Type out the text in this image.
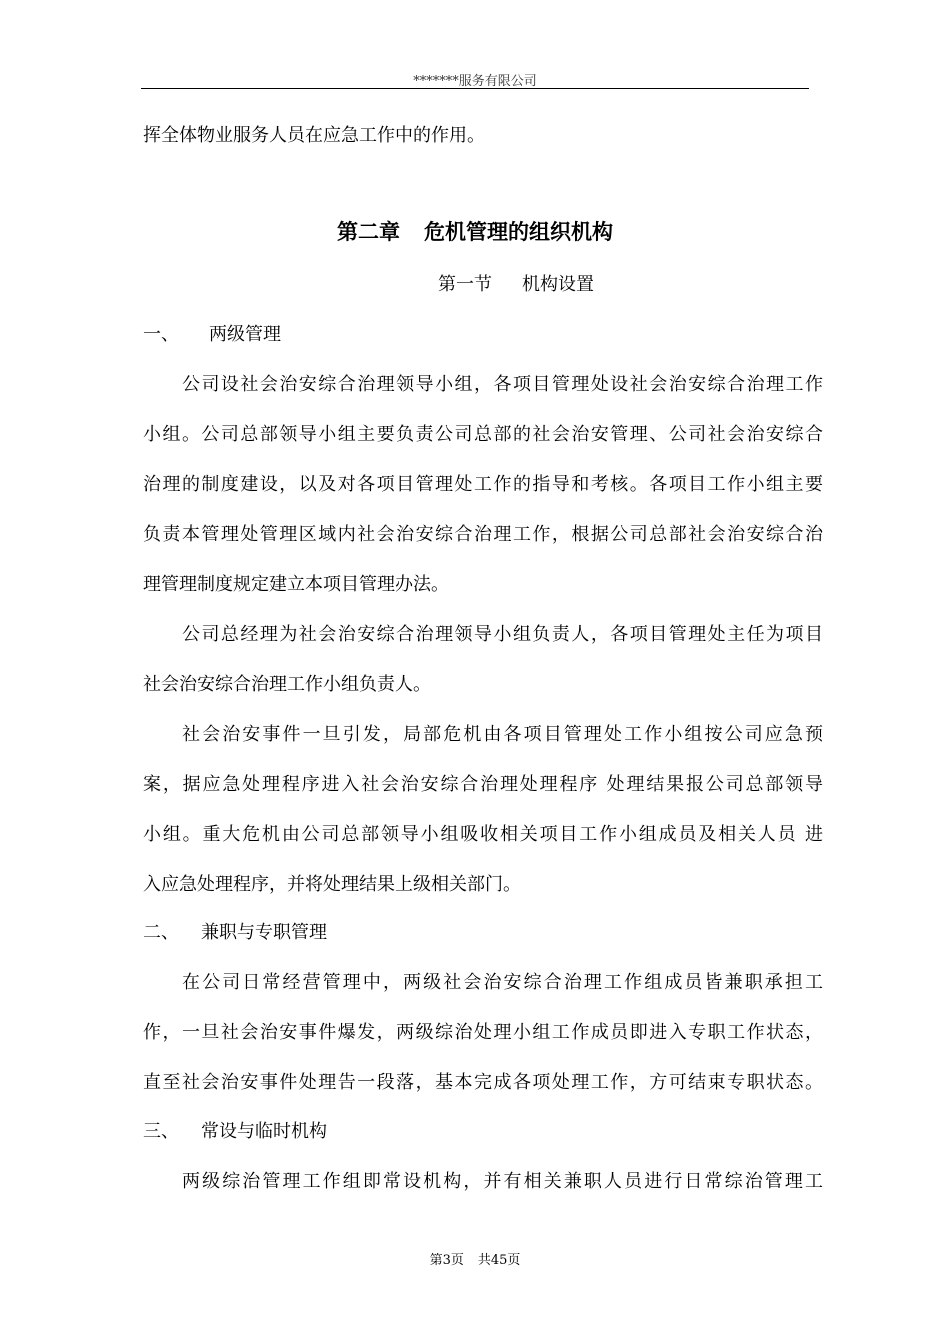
*******服务有限公司
挥全体物业服务人员在应急工作中的作用。
第二章 危机管理的组织机构
第一节 机构设置
一、 两级管理
公司设社会治安综合治理领导小组，各项目管理处设社会治安综合治理工作
小组。公司总部领导小组主要负责公司总部的社会治安管理、公司社会治安综合
治理的制度建设，以及对各项目管理处工作的指导和考核。各项目工作小组主要
负责本管理处管理区域内社会治安综合治理工作，根据公司总部社会治安综合治
理管理制度规定建立本项目管理办法。
公司总经理为社会治安综合治理领导小组负责人，各项目管理处主任为项目
社会治安综合治理工作小组负责人。
社会治安事件一旦引发，局部危机由各项目管理处工作小组按公司应急预
案，据应急处理程序进入社会治安综合治理处理程序 处理结果报公司总部领导
小组。重大危机由公司总部领导小组吸收相关项目工作小组成员及相关人员 进
入应急处理程序，并将处理结果上级相关部门。
二、 兼职与专职管理
在公司日常经营管理中，两级社会治安综合治理工作组成员皆兼职承担工
作，一旦社会治安事件爆发，两级综治处理小组工作成员即进入专职工作状态，
直至社会治安事件处理告一段落，基本完成各项处理工作，方可结束专职状态。
三、 常设与临时机构
两级综治管理工作组即常设机构，并有相关兼职人员进行日常综治管理工
第3页 共45页
